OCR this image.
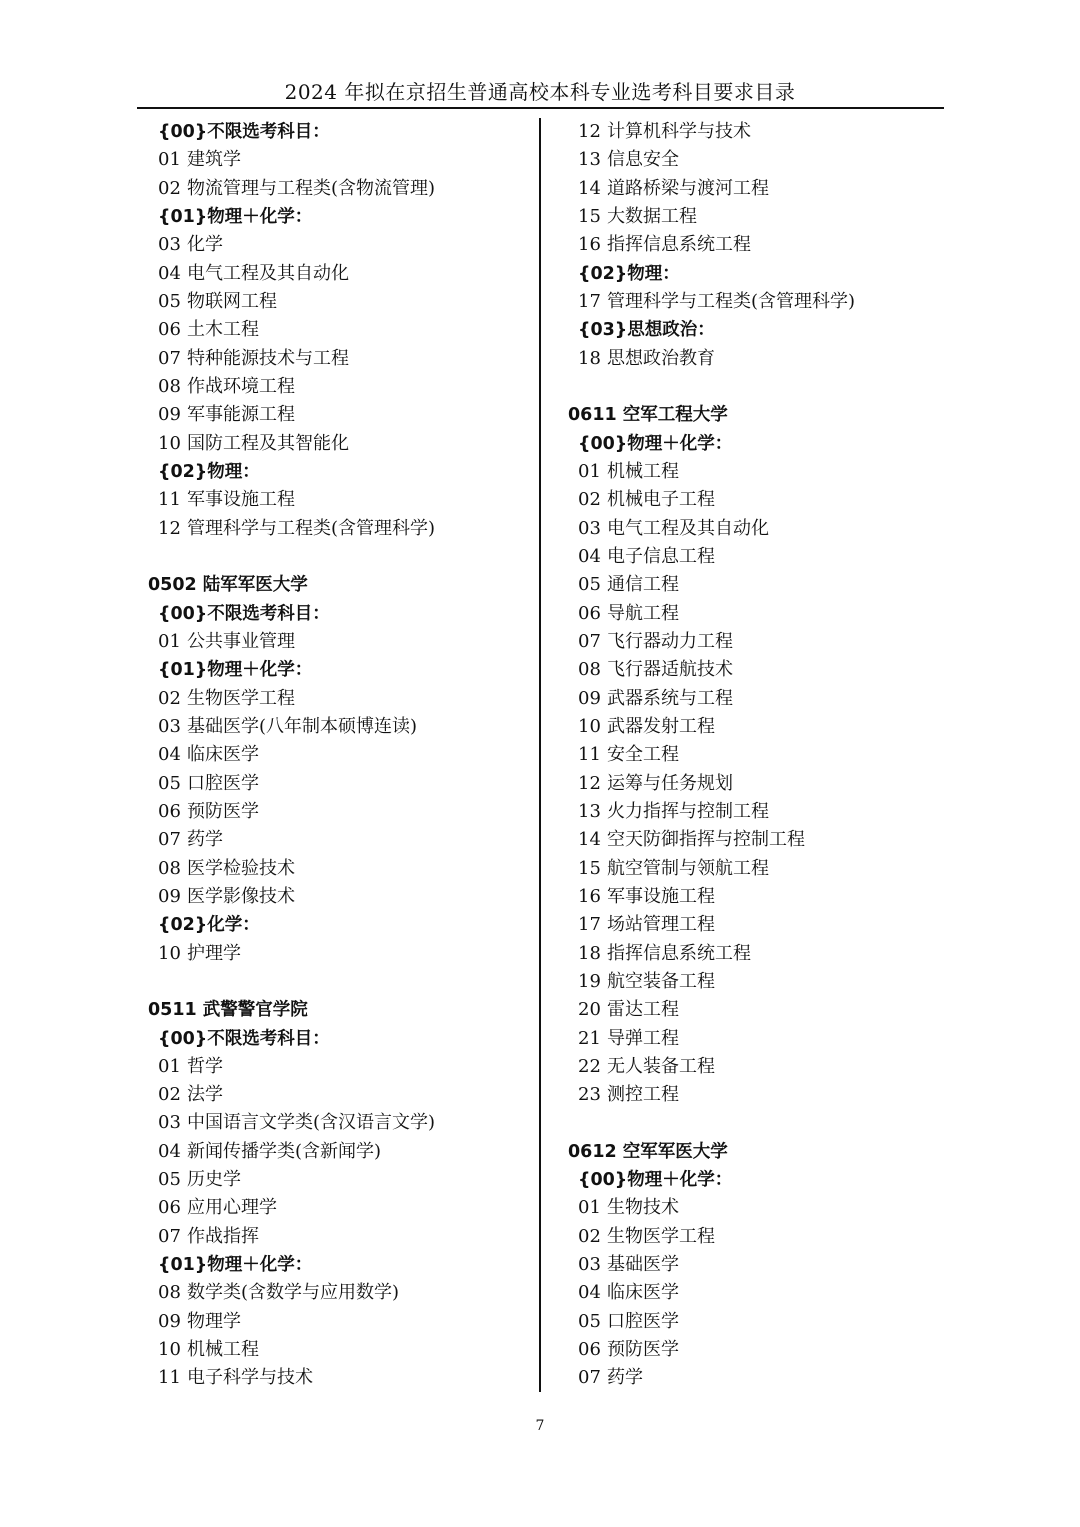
2024 年拟在京招生普通高校本科专业选考科目要求目录
{00}不限选考科目：
01 建筑学
02 物流管理与工程类(含物流管理)
{01}物理＋化学：
03 化学
04 电气工程及其自动化
05 物联网工程
06 土木工程
07 特种能源技术与工程
08 作战环境工程
09 军事能源工程
10 国防工程及其智能化
{02}物理：
11 军事设施工程
12 管理科学与工程类(含管理科学)
0502 陆军军医大学
{00}不限选考科目：
01 公共事业管理
{01}物理＋化学：
02 生物医学工程
03 基础医学(八年制本硕博连读)
04 临床医学
05 口腔医学
06 预防医学
07 药学
08 医学检验技术
09 医学影像技术
{02}化学：
10 护理学
0511 武警警官学院
{00}不限选考科目：
01 哲学
02 法学
03 中国语言文学类(含汉语言文学)
04 新闻传播学类(含新闻学)
05 历史学
06 应用心理学
07 作战指挥
{01}物理＋化学：
08 数学类(含数学与应用数学)
09 物理学
10 机械工程
11 电子科学与技术
12 计算机科学与技术
13 信息安全
14 道路桥梁与渡河工程
15 大数据工程
16 指挥信息系统工程
{02}物理：
17 管理科学与工程类(含管理科学)
{03}思想政治：
18 思想政治教育
0611 空军工程大学
{00}物理＋化学：
01 机械工程
02 机械电子工程
03 电气工程及其自动化
04 电子信息工程
05 通信工程
06 导航工程
07 飞行器动力工程
08 飞行器适航技术
09 武器系统与工程
10 武器发射工程
11 安全工程
12 运筹与任务规划
13 火力指挥与控制工程
14 空天防御指挥与控制工程
15 航空管制与领航工程
16 军事设施工程
17 场站管理工程
18 指挥信息系统工程
19 航空装备工程
20 雷达工程
21 导弹工程
22 无人装备工程
23 测控工程
0612 空军军医大学
{00}物理＋化学：
01 生物技术
02 生物医学工程
03 基础医学
04 临床医学
05 口腔医学
06 预防医学
07 药学
7
